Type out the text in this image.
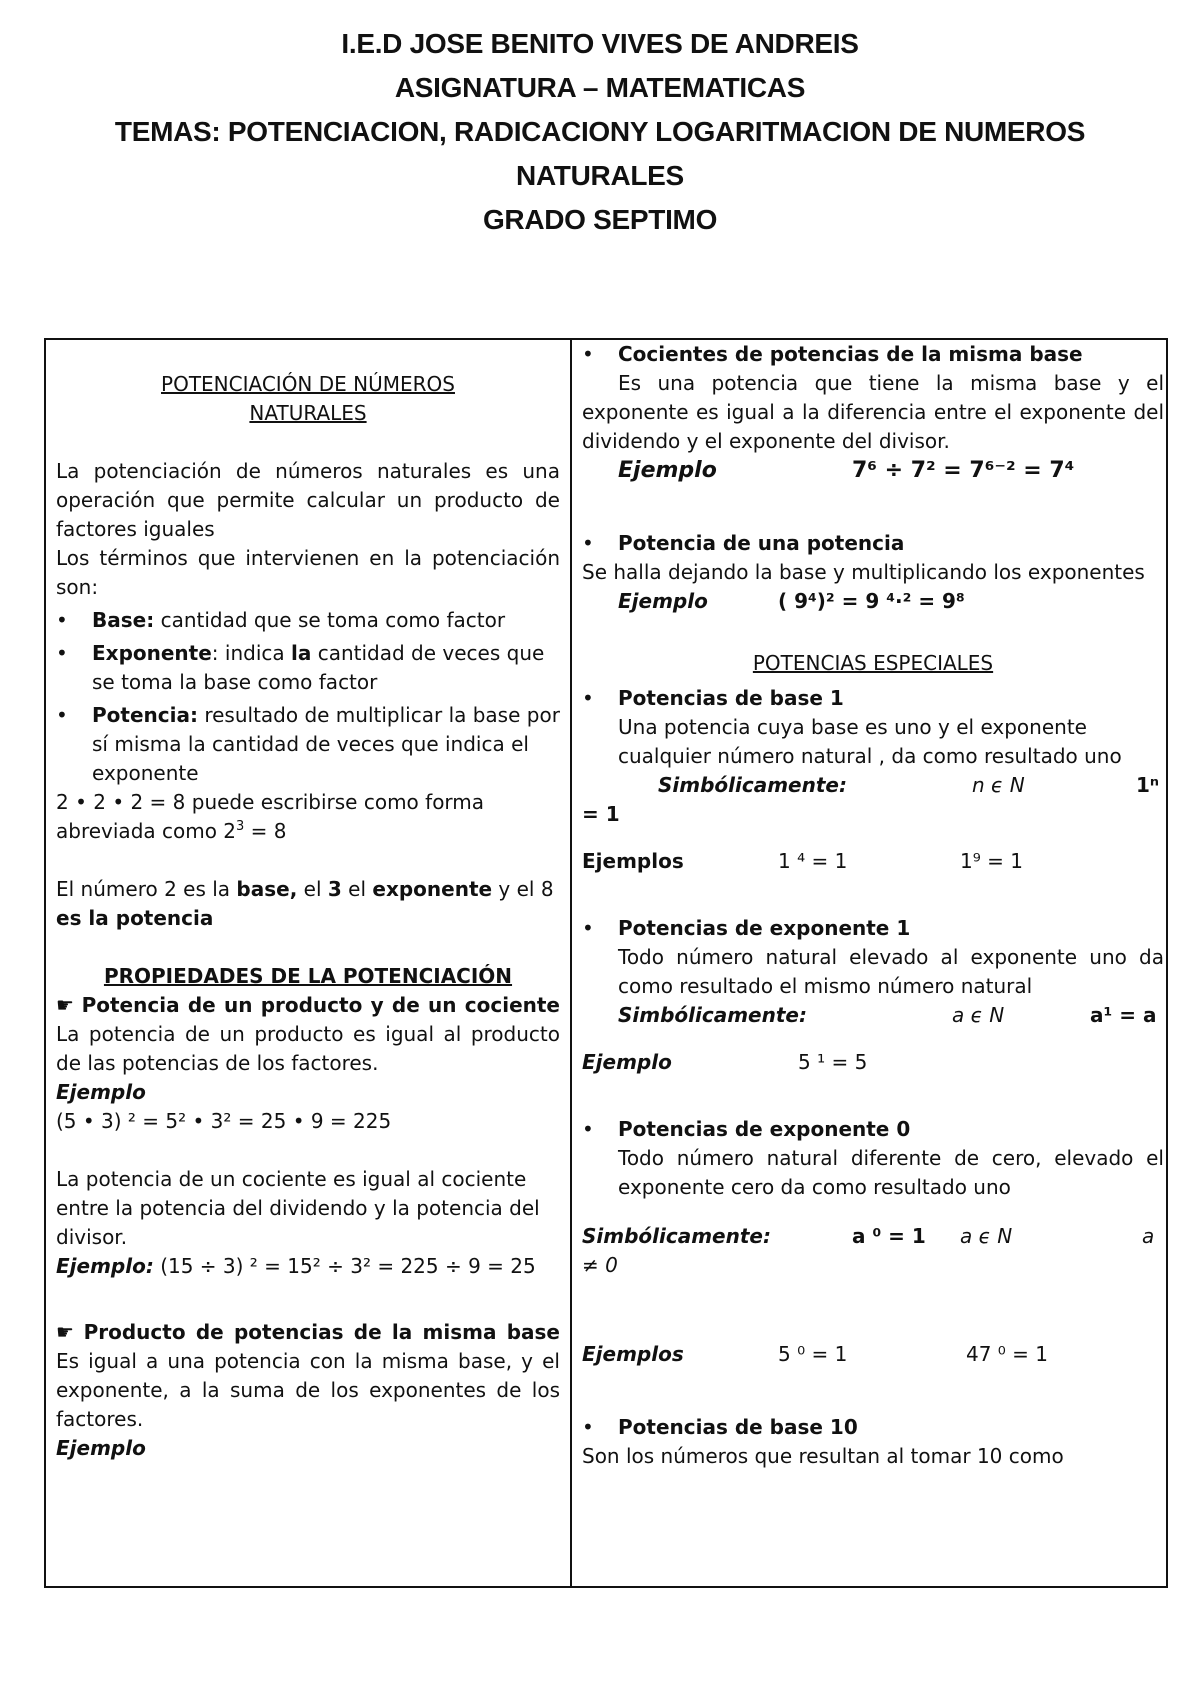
I.E.D JOSE BENITO VIVES DE ANDREIS
ASIGNATURA – MATEMATICAS
TEMAS: POTENCIACION, RADICACIONY LOGARITMACION DE NUMEROS
NATURALES
GRADO SEPTIMO
POTENCIACIÓN DE NÚMEROS
NATURALES
La potenciación de números naturales es una operación que permite calcular un producto de factores iguales
Los términos que intervienen en la potenciación son:
• Base: cantidad que se toma como factor
• Exponente: indica la cantidad de veces que se toma la base como factor
• Potencia: resultado de multiplicar la base por sí misma la cantidad de veces que indica el exponente
2 • 2 • 2 = 8 puede escribirse como forma abreviada como $2^3 = 8$
El número 2 es la base, el 3 el exponente y el 8 es la potencia
PROPIEDADES DE LA POTENCIACIÓN
☛ Potencia de un producto y de un cociente La potencia de un producto es igual al producto de las potencias de los factores.
Ejemplo
(5 • 3) ² = 5² • 3² = 25 • 9 = 225
La potencia de un cociente es igual al cociente entre la potencia del dividendo y la potencia del divisor.
Ejemplo: (15 ÷ 3) ² = 15² ÷ 3² = 225 ÷ 9 = 25
☛ Producto de potencias de la misma base Es igual a una potencia con la misma base, y el exponente, a la suma de los exponentes de los factores.
Ejemplo
• Cocientes de potencias de la misma base
Es una potencia que tiene la misma base y el exponente es igual a la diferencia entre el exponente del dividendo y el exponente del divisor.
Ejemplo	7⁶ ÷ 7² = 7⁶⁻² = 7⁴
• Potencia de una potencia
Se halla dejando la base y multiplicando los exponentes
Ejemplo	( 9⁴)² = 9 ⁴·² = 9⁸
POTENCIAS ESPECIALES
• Potencias de base 1
Una potencia cuya base es uno y el exponente cualquier número natural , da como resultado uno
Simbólicamente:	n ϵ N	1ⁿ
= 1
Ejemplos	1 ⁴ = 1	1⁹ = 1
• Potencias de exponente 1
Todo número natural elevado al exponente uno da como resultado el mismo número natural
Simbólicamente:	a ϵ N	a¹ = a
Ejemplo	5 ¹ = 5
• Potencias de exponente 0
Todo número natural diferente de cero, elevado el exponente cero da como resultado uno
Simbólicamente:	a ⁰ = 1 a ϵ N	a
≠ 0
Ejemplos	5 ⁰ = 1	47 ⁰ = 1
• Potencias de base 10
Son los números que resultan al tomar 10 como
